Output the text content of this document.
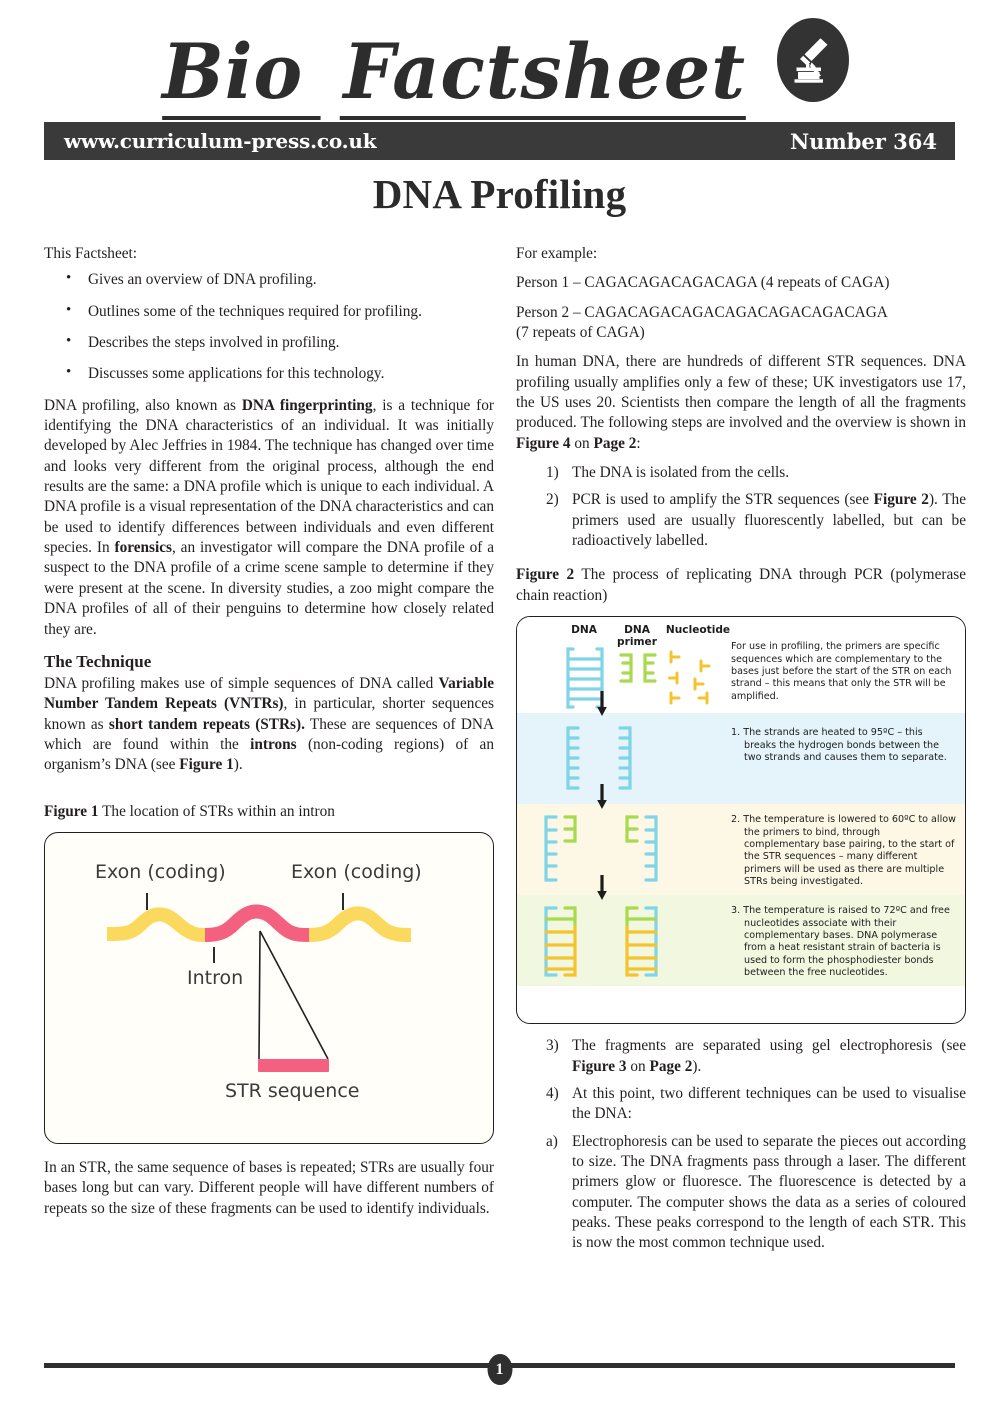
Bio Factsheet
www.curriculum-press.co.uk	Number 364
DNA Profiling

This Factsheet:

• Gives an overview of DNA profiling.
• Outlines some of the techniques required for profiling.
• Describes the steps involved in profiling.
• Discusses some applications for this technology.

DNA profiling, also known as DNA fingerprinting, is a technique for identifying the DNA characteristics of an individual. It was initially developed by Alec Jeffries in 1984. The technique has changed over time and looks very different from the original process, although the end results are the same: a DNA profile which is unique to each individual. A DNA profile is a visual representation of the DNA characteristics and can be used to identify differences between individuals and even different species. In forensics, an investigator will compare the DNA profile of a suspect to the DNA profile of a crime scene sample to determine if they were present at the scene. In diversity studies, a zoo might compare the DNA profiles of all of their penguins to determine how closely related they are.

The Technique

DNA profiling makes use of simple sequences of DNA called Variable Number Tandem Repeats (VNTRs), in particular, shorter sequences known as short tandem repeats (STRs). These are sequences of DNA which are found within the introns (non-coding regions) of an organism’s DNA (see Figure 1).

Figure 1 The location of STRs within an intron

Exon (coding)	Exon (coding)
Intron
STR sequence

In an STR, the same sequence of bases is repeated; STRs are usually four bases long but can vary. Different people will have different numbers of repeats so the size of these fragments can be used to identify individuals.

For example:

Person 1 – CAGACAGACAGACAGA (4 repeats of CAGA)

Person 2 – CAGACAGACAGACAGACAGACAGACAGA
(7 repeats of CAGA)

In human DNA, there are hundreds of different STR sequences. DNA profiling usually amplifies only a few of these; UK investigators use 17, the US uses 20. Scientists then compare the length of all the fragments produced. The following steps are involved and the overview is shown in Figure 4 on Page 2:

1) The DNA is isolated from the cells.
2) PCR is used to amplify the STR sequences (see Figure 2). The primers used are usually fluorescently labelled, but can be radioactively labelled.

Figure 2 The process of replicating DNA through PCR (polymerase chain reaction)

DNA	DNA
primer
Nucleotide
For use in profiling, the primers are specific sequences which are complementary to the bases just before the start of the STR on each strand – this means that only the STR will be amplified.
1. The strands are heated to 95ºC – this breaks the hydrogen bonds between the two strands and causes them to separate.
2. The temperature is lowered to 60ºC to allow the primers to bind, through complementary base pairing, to the start of the STR sequences – many different primers will be used as there are multiple STRs being investigated.
3. The temperature is raised to 72ºC and free nucleotides associate with their complementary bases. DNA polymerase from a heat resistant strain of bacteria is used to form the phosphodiester bonds between the free nucleotides.
3) The fragments are separated using gel electrophoresis (see Figure 3 on Page 2).
4) At this point, two different techniques can be used to visualise the DNA:
a) Electrophoresis can be used to separate the pieces out according to size. The DNA fragments pass through a laser. The different primers glow or fluoresce. The fluorescence is detected by a computer. The computer shows the data as a series of coloured peaks. These peaks correspond to the length of each STR. This is now the most common technique used.
1
